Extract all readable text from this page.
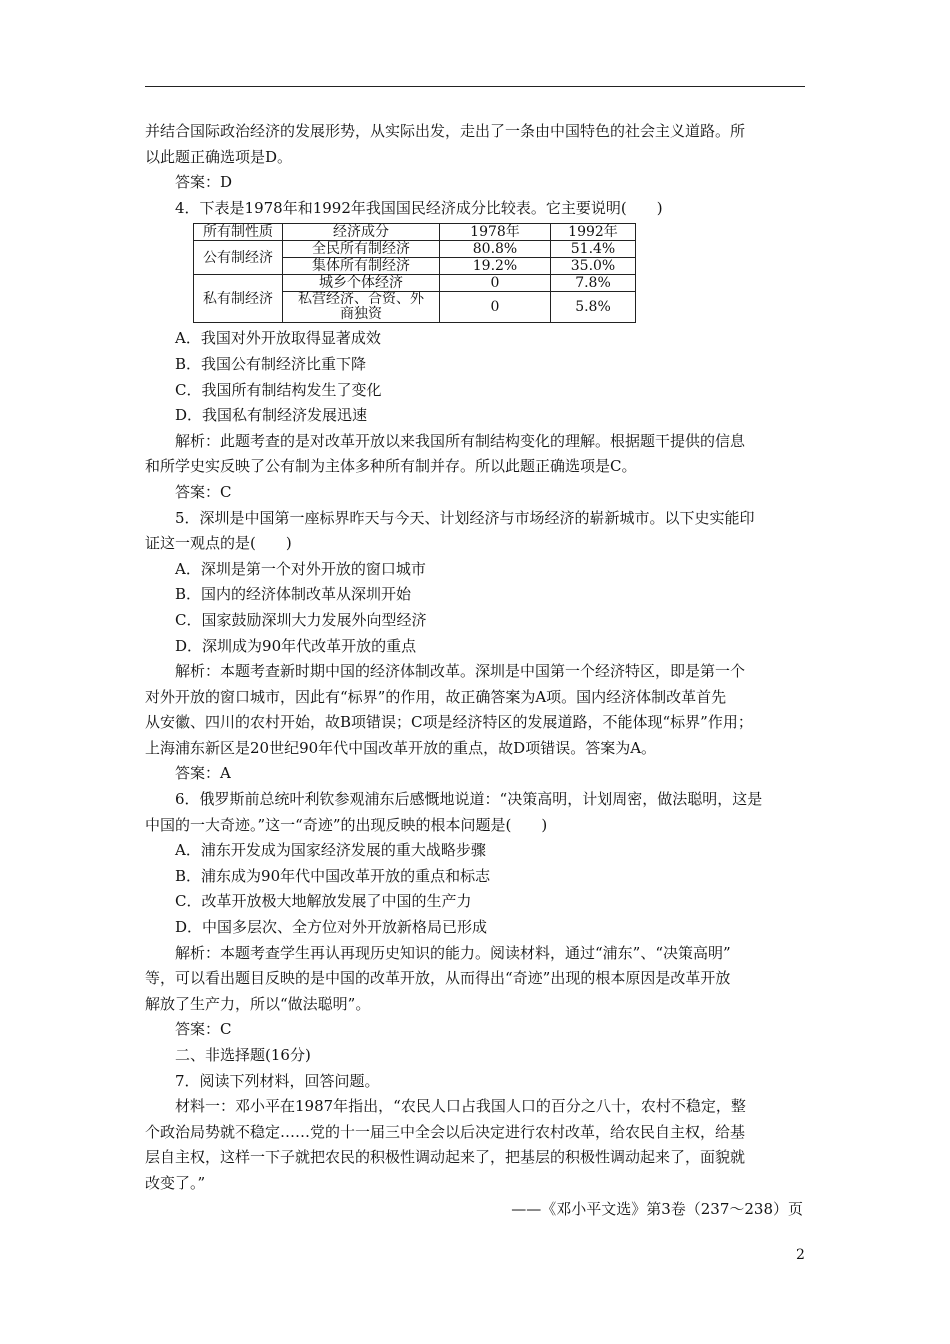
并结合国际政治经济的发展形势，从实际出发，走出了一条由中国特色的社会主义道路。所
以此题正确选项是D。
答案：D
4．下表是1978年和1992年我国国民经济成分比较表。它主要说明(　　)
所有制性质	经济成分	1978年	1992年
公有制经济	全民所有制经济	80.8%	51.4%
	集体所有制经济	19.2%	35.0%
私有制经济	城乡个体经济	0	7.8%

	私营经济、合资、外
商独资	0	5.8%
A．我国对外开放取得显著成效
B．我国公有制经济比重下降
C．我国所有制结构发生了变化
D．我国私有制经济发展迅速
解析：此题考查的是对改革开放以来我国所有制结构变化的理解。根据题干提供的信息
和所学史实反映了公有制为主体多种所有制并存。所以此题正确选项是C。
答案：C
5．深圳是中国第一座标界昨天与今天、计划经济与市场经济的崭新城市。以下史实能印
证这一观点的是(　　)
A．深圳是第一个对外开放的窗口城市
B．国内的经济体制改革从深圳开始
C．国家鼓励深圳大力发展外向型经济
D．深圳成为90年代改革开放的重点
解析：本题考查新时期中国的经济体制改革。深圳是中国第一个经济特区，即是第一个
对外开放的窗口城市，因此有“标界”的作用，故正确答案为A项。国内经济体制改革首先
从安徽、四川的农村开始，故B项错误；C项是经济特区的发展道路，不能体现“标界”作用；
上海浦东新区是20世纪90年代中国改革开放的重点，故D项错误。答案为A。
答案：A
6．俄罗斯前总统叶利钦参观浦东后感慨地说道：“决策高明，计划周密，做法聪明，这是
中国的一大奇迹。”这一“奇迹”的出现反映的根本问题是(　　)
A．浦东开发成为国家经济发展的重大战略步骤
B．浦东成为90年代中国改革开放的重点和标志
C．改革开放极大地解放发展了中国的生产力
D．中国多层次、全方位对外开放新格局已形成
解析：本题考查学生再认再现历史知识的能力。阅读材料，通过“浦东”、“决策高明”
等，可以看出题目反映的是中国的改革开放，从而得出“奇迹”出现的根本原因是改革开放
解放了生产力，所以“做法聪明”。
答案：C
二、非选择题(16分)
7．阅读下列材料，回答问题。
材料一：邓小平在1987年指出，“农民人口占我国人口的百分之八十，农村不稳定，整
个政治局势就不稳定……党的十一届三中全会以后决定进行农村改革，给农民自主权，给基
层自主权，这样一下子就把农民的积极性调动起来了，把基层的积极性调动起来了，面貌就
改变了。”
——《邓小平文选》第3卷（237～238）页
2
